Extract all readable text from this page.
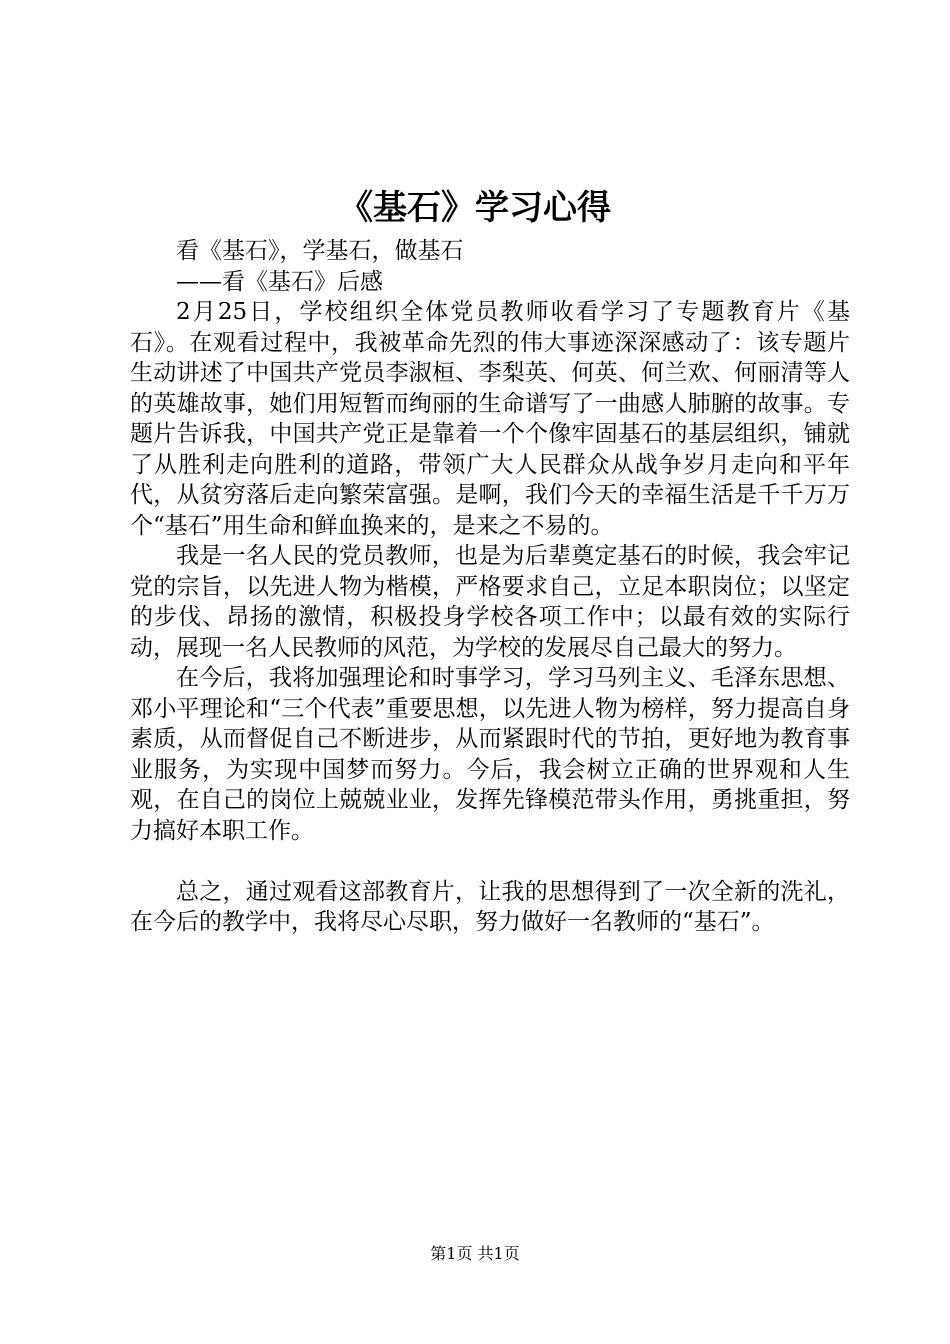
《基石》学习心得

看《基石》，学基石，做基石

——看《基石》后感

2月25日，学校组织全体党员教师收看学习了专题教育片《基石》。在观看过程中，我被革命先烈的伟大事迹深深感动了：该专题片生动讲述了中国共产党员李淑桓、李梨英、何英、何兰欢、何丽清等人的英雄故事，她们用短暂而绚丽的生命谱写了一曲感人肺腑的故事。专题片告诉我，中国共产党正是靠着一个个像牢固基石的基层组织，铺就了从胜利走向胜利的道路，带领广大人民群众从战争岁月走向和平年代，从贫穷落后走向繁荣富强。是啊，我们今天的幸福生活是千千万万个“基石”用生命和鲜血换来的，是来之不易的。

我是一名人民的党员教师，也是为后辈奠定基石的时候，我会牢记党的宗旨，以先进人物为楷模，严格要求自己，立足本职岗位；以坚定的步伐、昂扬的激情，积极投身学校各项工作中；以最有效的实际行动，展现一名人民教师的风范，为学校的发展尽自己最大的努力。

在今后，我将加强理论和时事学习，学习马列主义、毛泽东思想、邓小平理论和“三个代表”重要思想，以先进人物为榜样，努力提高自身素质，从而督促自己不断进步，从而紧跟时代的节拍，更好地为教育事业服务，为实现中国梦而努力。今后，我会树立正确的世界观和人生观，在自己的岗位上兢兢业业，发挥先锋模范带头作用，勇挑重担，努力搞好本职工作。

总之，通过观看这部教育片，让我的思想得到了一次全新的洗礼，在今后的教学中，我将尽心尽职，努力做好一名教师的“基石”。

第1页 共1页
